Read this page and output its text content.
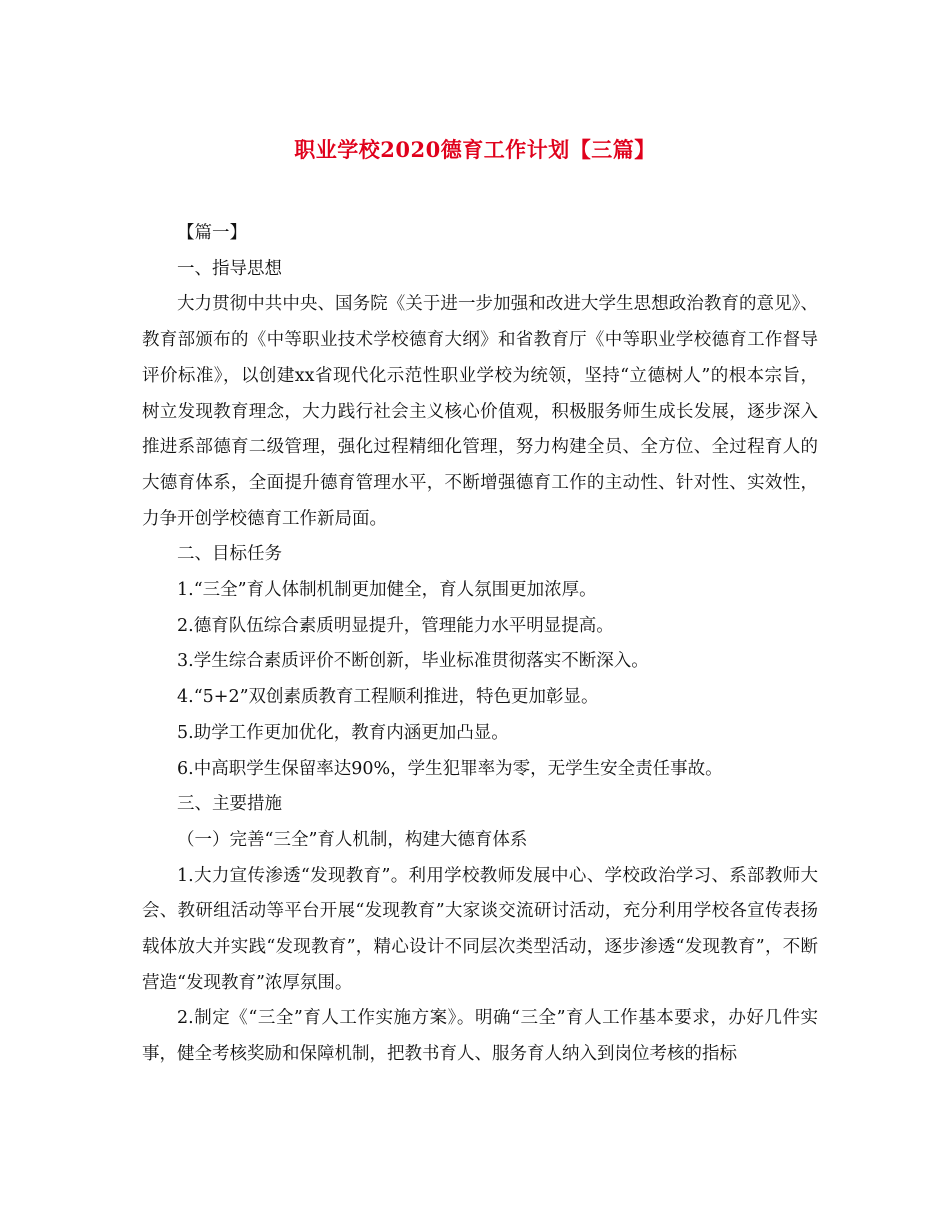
职业学校2020德育工作计划【三篇】

【篇一】

一、指导思想

大力贯彻中共中央、国务院《关于进一步加强和改进大学生思想政治教育的意见》、教育部颁布的《中等职业技术学校德育大纲》和省教育厅《中等职业学校德育工作督导评价标准》，以创建xx省现代化示范性职业学校为统领，坚持“立德树人”的根本宗旨，树立发现教育理念，大力践行社会主义核心价值观，积极服务师生成长发展，逐步深入推进系部德育二级管理，强化过程精细化管理，努力构建全员、全方位、全过程育人的大德育体系，全面提升德育管理水平，不断增强德育工作的主动性、针对性、实效性，力争开创学校德育工作新局面。

二、目标任务

1.“三全”育人体制机制更加健全，育人氛围更加浓厚。

2.德育队伍综合素质明显提升，管理能力水平明显提高。

3.学生综合素质评价不断创新，毕业标准贯彻落实不断深入。

4.“5+2”双创素质教育工程顺利推进，特色更加彰显。

5.助学工作更加优化，教育内涵更加凸显。

6.中高职学生保留率达90%，学生犯罪率为零，无学生安全责任事故。

三、主要措施

（一）完善“三全”育人机制，构建大德育体系

1.大力宣传渗透“发现教育”。利用学校教师发展中心、学校政治学习、系部教师大会、教研组活动等平台开展“发现教育”大家谈交流研讨活动，充分利用学校各宣传表扬载体放大并实践“发现教育”，精心设计不同层次类型活动，逐步渗透“发现教育”，不断营造“发现教育”浓厚氛围。

2.制定《“三全”育人工作实施方案》。明确“三全”育人工作基本要求，办好几件实事，健全考核奖励和保障机制，把教书育人、服务育人纳入到岗位考核的指标
